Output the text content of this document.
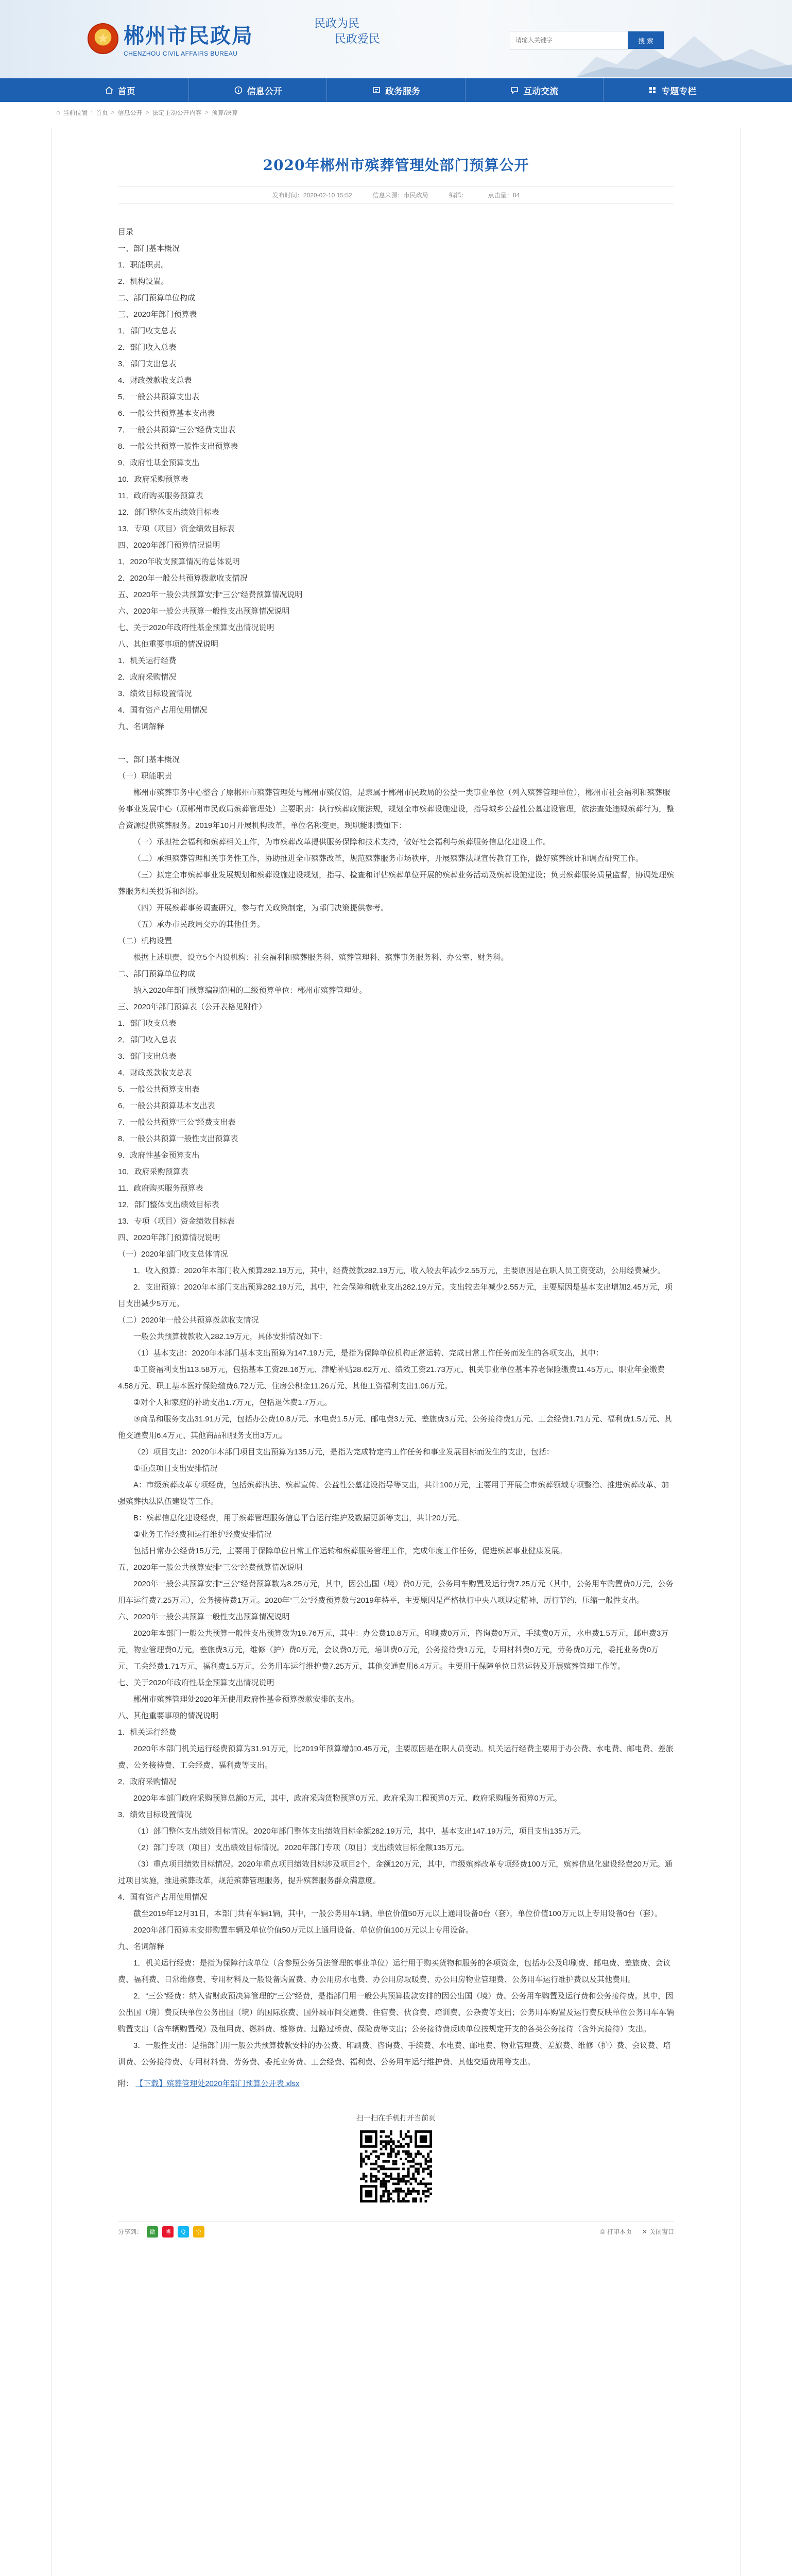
★ 郴州市民政局
CHENZHOU CIVIL AFFAIRS BUREAU
民政为民
民政爱民
请输入关键字	搜 索
首页	信息公开	政务服务	互动交流	专题专栏
⌂ 当前位置 : 首页 > 信息公开 > 法定主动公开内容 > 预算/决算
2020年郴州市殡葬管理处部门预算公开
发布时间：2020-02-10 15:52	信息来源：市民政局	编辑：	点击量：84

目录

一、部门基本概况

1．职能职责。

2．机构设置。

二、部门预算单位构成

三、2020年部门预算表

1．部门收支总表

2．部门收入总表

3．部门支出总表

4．财政拨款收支总表

5．一般公共预算支出表

6．一般公共预算基本支出表

7．一般公共预算“三公”经费支出表

8．一般公共预算一般性支出预算表

9．政府性基金预算支出

10．政府采购预算表

11．政府购买服务预算表

12．部门整体支出绩效目标表

13．专项（项目）资金绩效目标表

四、2020年部门预算情况说明

1．2020年收支预算情况的总体说明

2．2020年一般公共预算拨款收支情况

五、2020年一般公共预算安排“三公”经费预算情况说明

六、2020年一般公共预算一般性支出预算情况说明

七、关于2020年政府性基金预算支出情况说明

八、其他重要事项的情况说明

1．机关运行经费

2．政府采购情况

3．绩效目标设置情况

4．国有资产占用使用情况

九、名词解释

一、部门基本概况

（一）职能职责

郴州市殡葬事务中心整合了原郴州市殡葬管理处与郴州市殡仪馆，是隶属于郴州市民政局的公益一类事业单位（列入殡葬管理单位），郴州市社会福利和殡葬服务事业发展中心（原郴州市民政局殡葬管理处）主要职责：执行殡葬政策法规，规划全市殡葬设施建设，指导城乡公益性公墓建设管理，依法查处违规殡葬行为，整合资源提供殡葬服务。2019年10月开展机构改革，单位名称变更，现职能职责如下：

（一）承担社会福利和殡葬相关工作，为市殡葬改革提供服务保障和技术支持，做好社会福利与殡葬服务信息化建设工作。

（二）承担殡葬管理相关事务性工作，协助推进全市殡葬改革，规范殡葬服务市场秩序，开展殡葬法规宣传教育工作，做好殡葬统计和调查研究工作。

（三）拟定全市殡葬事业发展规划和殡葬设施建设规划，指导、检查和评估殡葬单位开展的殡葬业务活动及殡葬设施建设；负责殡葬服务质量监督，协调处理殡葬服务相关投诉和纠纷。

（四）开展殡葬事务调查研究，参与有关政策制定，为部门决策提供参考。

（五）承办市民政局交办的其他任务。

（二）机构设置

根据上述职责，设立5个内设机构：社会福利和殡葬服务科、殡葬管理科、殡葬事务服务科、办公室、财务科。

二、部门预算单位构成

纳入2020年部门预算编制范围的二级预算单位：郴州市殡葬管理处。

三、2020年部门预算表（公开表格见附件）

1．部门收支总表

2．部门收入总表

3．部门支出总表

4．财政拨款收支总表

5．一般公共预算支出表

6．一般公共预算基本支出表

7．一般公共预算“三公”经费支出表

8．一般公共预算一般性支出预算表

9．政府性基金预算支出

10．政府采购预算表

11．政府购买服务预算表

12．部门整体支出绩效目标表

13．专项（项目）资金绩效目标表

四、2020年部门预算情况说明

（一）2020年部门收支总体情况

1．收入预算：2020年本部门收入预算282.19万元，其中，经费拨款282.19万元，收入较去年减少2.55万元，主要原因是在职人员工资变动，公用经费减少。

2．支出预算：2020年本部门支出预算282.19万元，其中，社会保障和就业支出282.19万元。支出较去年减少2.55万元，主要原因是基本支出增加2.45万元，项目支出减少5万元。

（二）2020年一般公共预算拨款收支情况

一般公共预算拨款收入282.19万元，具体安排情况如下：

（1）基本支出：2020年本部门基本支出预算为147.19万元，是指为保障单位机构正常运转、完成日常工作任务而发生的各项支出，其中：

①工资福利支出113.58万元，包括基本工资28.16万元、津贴补贴28.62万元、绩效工资21.73万元、机关事业单位基本养老保险缴费11.45万元、职业年金缴费4.58万元、职工基本医疗保险缴费6.72万元、住房公积金11.26万元、其他工资福利支出1.06万元。

②对个人和家庭的补助支出1.7万元，包括退休费1.7万元。

③商品和服务支出31.91万元，包括办公费10.8万元、水电费1.5万元、邮电费3万元、差旅费3万元、公务接待费1万元、工会经费1.71万元、福利费1.5万元、其他交通费用6.4万元、其他商品和服务支出3万元。

（2）项目支出：2020年本部门项目支出预算为135万元，是指为完成特定的工作任务和事业发展目标而发生的支出，包括：

①重点项目支出安排情况

A：市级殡葬改革专项经费，包括殡葬执法、殡葬宣传、公益性公墓建设指导等支出，共计100万元，主要用于开展全市殡葬领域专项整治、推进殡葬改革、加强殡葬执法队伍建设等工作。

B：殡葬信息化建设经费，用于殡葬管理服务信息平台运行维护及数据更新等支出，共计20万元。

②业务工作经费和运行维护经费安排情况

包括日常办公经费15万元，主要用于保障单位日常工作运转和殡葬服务管理工作，完成年度工作任务，促进殡葬事业健康发展。

五、2020年一般公共预算安排“三公”经费预算情况说明

2020年一般公共预算安排“三公”经费预算数为8.25万元，其中，因公出国（境）费0万元，公务用车购置及运行费7.25万元（其中，公务用车购置费0万元，公务用车运行费7.25万元），公务接待费1万元。2020年“三公”经费预算数与2019年持平，主要原因是严格执行中央八项规定精神，厉行节约，压缩一般性支出。

六、2020年一般公共预算一般性支出预算情况说明

2020年本部门一般公共预算一般性支出预算数为19.76万元，其中：办公费10.8万元，印刷费0万元，咨询费0万元，手续费0万元，水电费1.5万元，邮电费3万元，物业管理费0万元，差旅费3万元，维修（护）费0万元，会议费0万元，培训费0万元，公务接待费1万元，专用材料费0万元，劳务费0万元，委托业务费0万元，工会经费1.71万元，福利费1.5万元，公务用车运行维护费7.25万元，其他交通费用6.4万元。主要用于保障单位日常运转及开展殡葬管理工作等。

七、关于2020年政府性基金预算支出情况说明

郴州市殡葬管理处2020年无使用政府性基金预算拨款安排的支出。

八、其他重要事项的情况说明

1．机关运行经费

2020年本部门机关运行经费预算为31.91万元，比2019年预算增加0.45万元，主要原因是在职人员变动。机关运行经费主要用于办公费、水电费、邮电费、差旅费、公务接待费、工会经费、福利费等支出。

2．政府采购情况

2020年本部门政府采购预算总额0万元，其中，政府采购货物预算0万元、政府采购工程预算0万元、政府采购服务预算0万元。

3．绩效目标设置情况

（1）部门整体支出绩效目标情况。2020年部门整体支出绩效目标金额282.19万元，其中，基本支出147.19万元，项目支出135万元。

（2）部门专项（项目）支出绩效目标情况。2020年部门专项（项目）支出绩效目标金额135万元。

（3）重点项目绩效目标情况。2020年重点项目绩效目标涉及项目2个，金额120万元，其中，市级殡葬改革专项经费100万元，殡葬信息化建设经费20万元。通过项目实施，推进殡葬改革，规范殡葬管理服务，提升殡葬服务群众满意度。

4．国有资产占用使用情况

截至2019年12月31日，本部门共有车辆1辆，其中，一般公务用车1辆。单位价值50万元以上通用设备0台（套），单位价值100万元以上专用设备0台（套）。

2020年部门预算未安排购置车辆及单位价值50万元以上通用设备、单位价值100万元以上专用设备。

九、名词解释

1．机关运行经费：是指为保障行政单位（含参照公务员法管理的事业单位）运行用于购买货物和服务的各项资金，包括办公及印刷费、邮电费、差旅费、会议费、福利费、日常维修费、专用材料及一般设备购置费、办公用房水电费、办公用房取暖费、办公用房物业管理费、公务用车运行维护费以及其他费用。

2．“三公”经费：纳入省财政预决算管理的“三公”经费，是指部门用一般公共预算拨款安排的因公出国（境）费、公务用车购置及运行费和公务接待费。其中，因公出国（境）费反映单位公务出国（境）的国际旅费、国外城市间交通费、住宿费、伙食费、培训费、公杂费等支出；公务用车购置及运行费反映单位公务用车车辆购置支出（含车辆购置税）及租用费、燃料费、维修费、过路过桥费、保险费等支出；公务接待费反映单位按规定开支的各类公务接待（含外宾接待）支出。

3．一般性支出：是指部门用一般公共预算拨款安排的办公费、印刷费、咨询费、手续费、水电费、邮电费、物业管理费、差旅费、维修（护）费、会议费、培训费、公务接待费、专用材料费、劳务费、委托业务费、工会经费、福利费、公务用车运行维护费、其他交通费用等支出。

附： 【下载】殡葬管理处2020年部门预算公开表.xlsx

扫一扫在手机打开当前页
分享到：	微	博	Q	空	⎙ 打印本页 ✕ 关闭窗口
